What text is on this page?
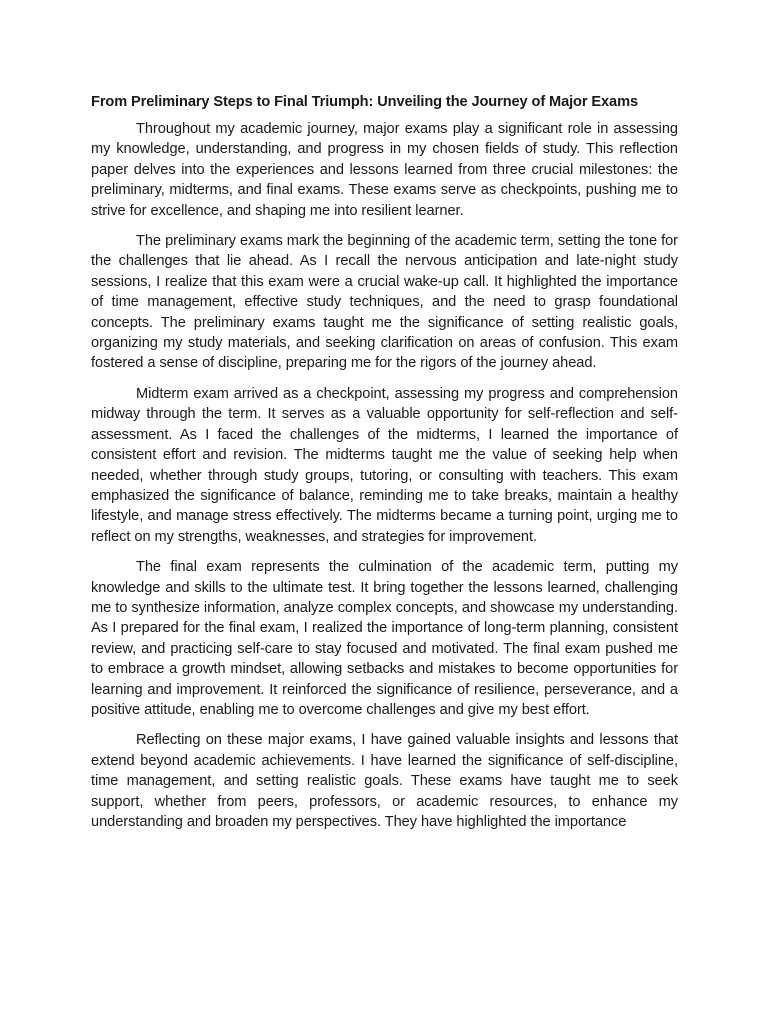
From Preliminary Steps to Final Triumph: Unveiling the Journey of Major Exams

Throughout my academic journey, major exams play a significant role in assessing my knowledge, understanding, and progress in my chosen fields of study. This reflection paper delves into the experiences and lessons learned from three crucial milestones: the preliminary, midterms, and final exams. These exams serve as checkpoints, pushing me to strive for excellence, and shaping me into resilient learner.

The preliminary exams mark the beginning of the academic term, setting the tone for the challenges that lie ahead. As I recall the nervous anticipation and late-night study sessions, I realize that this exam were a crucial wake-up call. It highlighted the importance of time management, effective study techniques, and the need to grasp foundational concepts. The preliminary exams taught me the significance of setting realistic goals, organizing my study materials, and seeking clarification on areas of confusion. This exam fostered a sense of discipline, preparing me for the rigors of the journey ahead.

Midterm exam arrived as a checkpoint, assessing my progress and comprehension midway through the term. It serves as a valuable opportunity for self-reflection and self-assessment. As I faced the challenges of the midterms, I learned the importance of consistent effort and revision. The midterms taught me the value of seeking help when needed, whether through study groups, tutoring, or consulting with teachers. This exam emphasized the significance of balance, reminding me to take breaks, maintain a healthy lifestyle, and manage stress effectively. The midterms became a turning point, urging me to reflect on my strengths, weaknesses, and strategies for improvement.

The final exam represents the culmination of the academic term, putting my knowledge and skills to the ultimate test. It bring together the lessons learned, challenging me to synthesize information, analyze complex concepts, and showcase my understanding. As I prepared for the final exam, I realized the importance of long-term planning, consistent review, and practicing self-care to stay focused and motivated. The final exam pushed me to embrace a growth mindset, allowing setbacks and mistakes to become opportunities for learning and improvement. It reinforced the significance of resilience, perseverance, and a positive attitude, enabling me to overcome challenges and give my best effort.

Reflecting on these major exams, I have gained valuable insights and lessons that extend beyond academic achievements. I have learned the significance of self-discipline, time management, and setting realistic goals. These exams have taught me to seek support, whether from peers, professors, or academic resources, to enhance my understanding and broaden my perspectives. They have highlighted the importance
